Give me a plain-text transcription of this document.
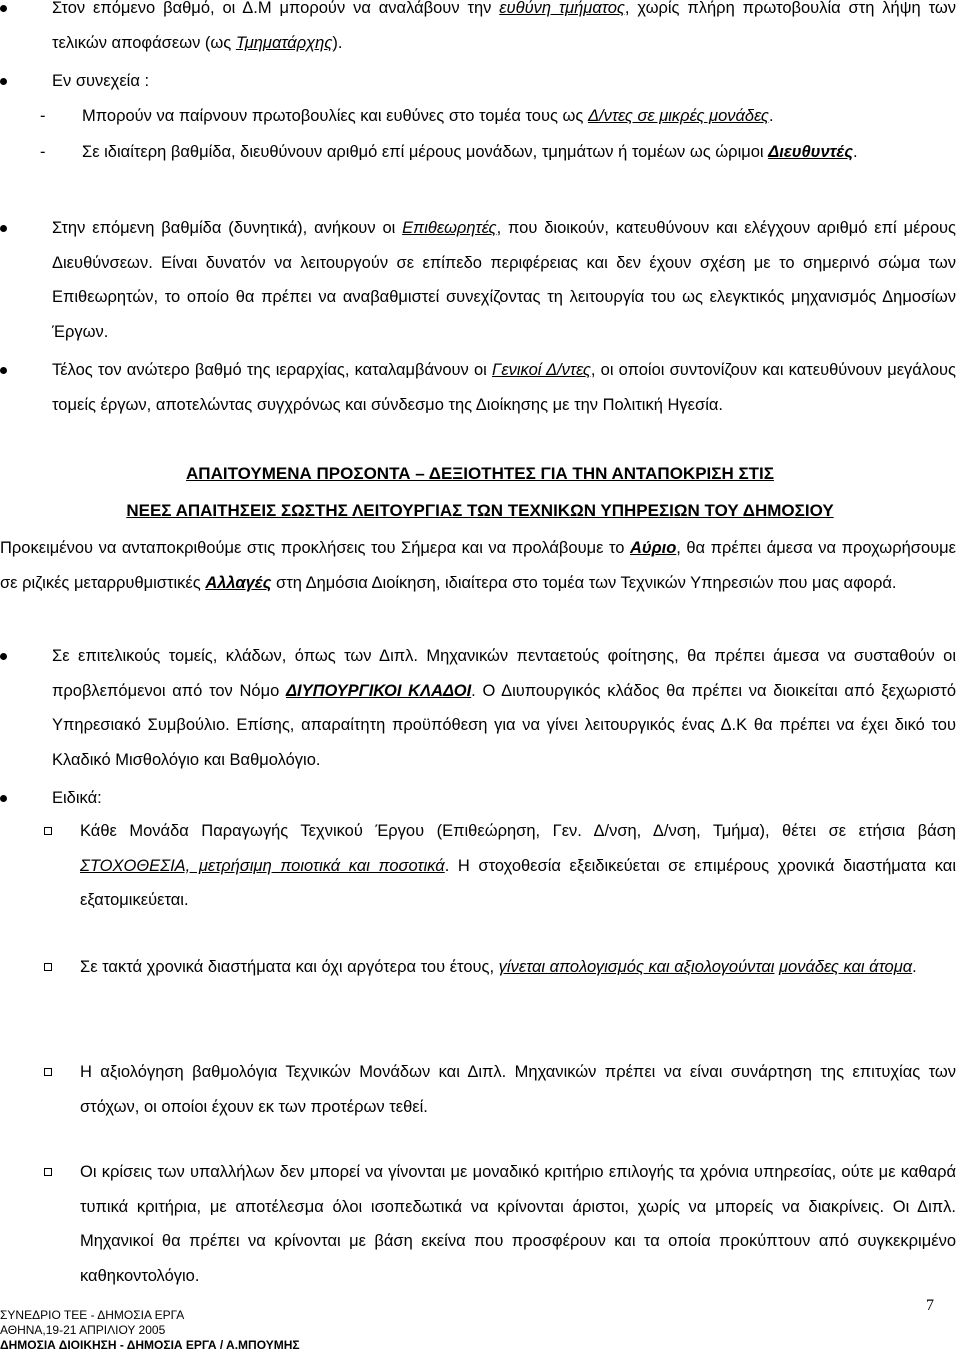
Στον επόμενο βαθμό, οι Δ.Μ μπορούν να αναλάβουν την ευθύνη τμήματος, χωρίς πλήρη πρωτοβουλία στη λήψη των τελικών αποφάσεων (ως Τμηματάρχης).

Εν συνεχεία :

- Μπορούν να παίρνουν πρωτοβουλίες και ευθύνες στο τομέα τους ως Δ/ντες σε μικρές μονάδες.

- Σε ιδιαίτερη βαθμίδα, διευθύνουν αριθμό επί μέρους μονάδων, τμημάτων ή τομέων ως ώριμοι Διευθυντές.

Στην επόμενη βαθμίδα (δυνητικά), ανήκουν οι Επιθεωρητές, που διοικούν, κατευθύνουν και ελέγχουν αριθμό επί μέρους Διευθύνσεων. Είναι δυνατόν να λειτουργούν σε επίπεδο περιφέρειας και δεν έχουν σχέση με το σημερινό σώμα των Επιθεωρητών, το οποίο θα πρέπει να αναβαθμιστεί συνεχίζοντας τη λειτουργία του ως ελεγκτικός μηχανισμός Δημοσίων Έργων.

Τέλος τον ανώτερο βαθμό της ιεραρχίας, καταλαμβάνουν οι Γενικοί Δ/ντες, οι οποίοι συντονίζουν και κατευθύνουν μεγάλους τομείς έργων, αποτελώντας συγχρόνως και σύνδεσμο της Διοίκησης με την Πολιτική Ηγεσία.

ΑΠΑΙΤΟΥΜΕΝΑ ΠΡΟΣΟΝΤΑ – ΔΕΞΙΟΤΗΤΕΣ ΓΙΑ ΤΗΝ ΑΝΤΑΠΟΚΡΙΣΗ ΣΤΙΣ
ΝΕΕΣ ΑΠΑΙΤΗΣΕΙΣ ΣΩΣΤΗΣ ΛΕΙΤΟΥΡΓΙΑΣ ΤΩΝ ΤΕΧΝΙΚΩΝ ΥΠΗΡΕΣΙΩΝ ΤΟΥ ΔΗΜΟΣΙΟΥ

Προκειμένου να ανταποκριθούμε στις προκλήσεις του Σήμερα και να προλάβουμε το Αύριο, θα πρέπει άμεσα να προχωρήσουμε σε ριζικές μεταρρυθμιστικές Αλλαγές στη Δημόσια Διοίκηση, ιδιαίτερα στο τομέα των Τεχνικών Υπηρεσιών που μας αφορά.

Σε επιτελικούς τομείς, κλάδων, όπως των Διπλ. Μηχανικών πενταετούς φοίτησης, θα πρέπει άμεσα να συσταθούν οι προβλεπόμενοι από τον Νόμο ΔΙΥΠΟΥΡΓΙΚΟΙ ΚΛΑΔΟΙ. Ο Διυπουργικός κλάδος θα πρέπει να διοικείται από ξεχωριστό Υπηρεσιακό Συμβούλιο. Επίσης, απαραίτητη προϋπόθεση για να γίνει λειτουργικός ένας Δ.Κ θα πρέπει να έχει δικό του Κλαδικό Μισθολόγιο και Βαθμολόγιο.

Ειδικά:

Κάθε Μονάδα Παραγωγής Τεχνικού Έργου (Επιθεώρηση, Γεν. Δ/νση, Δ/νση, Τμήμα), θέτει σε ετήσια βάση ΣΤΟΧΟΘΕΣΙΑ, μετρήσιμη ποιοτικά και ποσοτικά. Η στοχοθεσία εξειδικεύεται σε επιμέρους χρονικά διαστήματα και εξατομικεύεται.

Σε τακτά χρονικά διαστήματα και όχι αργότερα του έτους, γίνεται απολογισμός και αξιολογούνται μονάδες και άτομα.

Η αξιολόγηση βαθμολόγια Τεχνικών Μονάδων και Διπλ. Μηχανικών πρέπει να είναι συνάρτηση της επιτυχίας των στόχων, οι οποίοι έχουν εκ των προτέρων τεθεί.

Οι κρίσεις των υπαλλήλων δεν μπορεί να γίνονται με μοναδικό κριτήριο επιλογής τα χρόνια υπηρεσίας, ούτε με καθαρά τυπικά κριτήρια, με αποτέλεσμα όλοι ισοπεδωτικά να κρίνονται άριστοι, χωρίς να μπορείς να διακρίνεις. Οι Διπλ. Μηχανικοί θα πρέπει να κρίνονται με βάση εκείνα που προσφέρουν και τα οποία προκύπτουν από συγκεκριμένο καθηκοντολόγιο.

7
ΣΥΝΕΔΡΙΟ ΤΕΕ - ΔΗΜΟΣΙΑ ΕΡΓΑ
ΑΘΗΝΑ,19-21 ΑΠΡΙΛΙΟΥ 2005
ΔΗΜΟΣΙΑ ΔΙΟΙΚΗΣΗ - ΔΗΜΟΣΙΑ ΕΡΓΑ / Α.ΜΠΟΥΜΗΣ
